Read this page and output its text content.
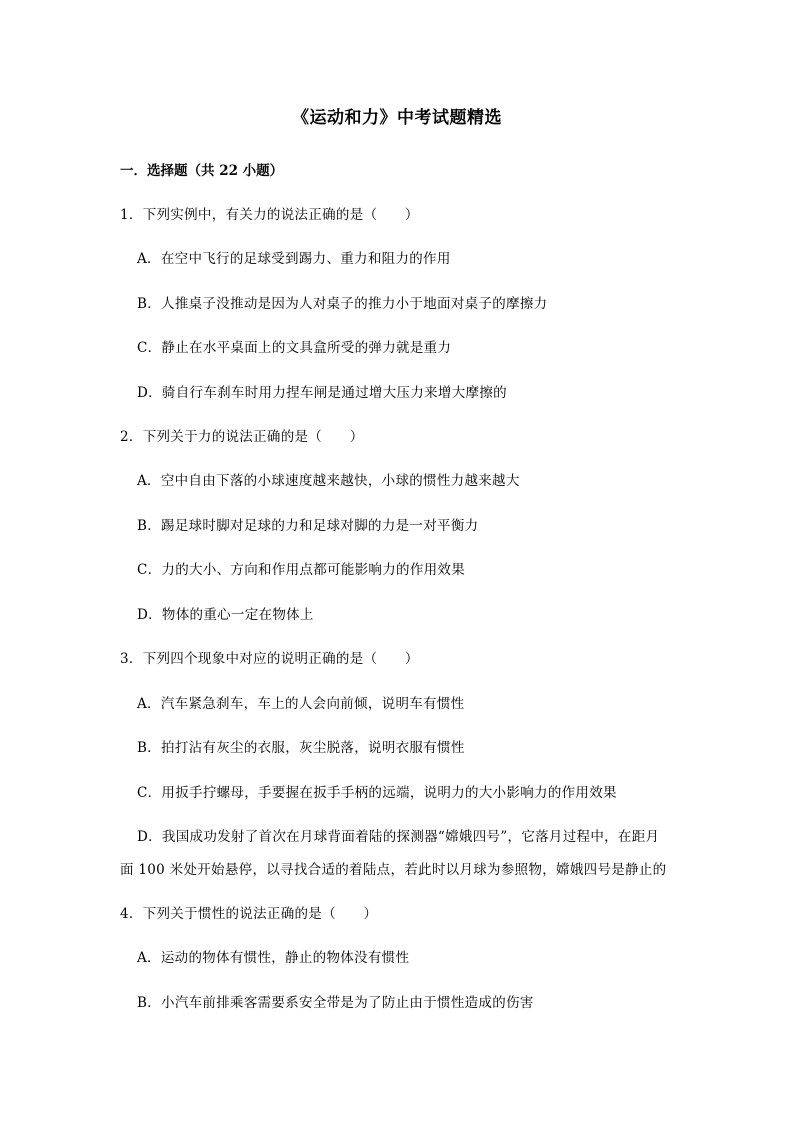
《运动和力》中考试题精选
一．选择题（共 22 小题）
1．下列实例中，有关力的说法正确的是（　　）
A．在空中飞行的足球受到踢力、重力和阻力的作用
B．人推桌子没推动是因为人对桌子的推力小于地面对桌子的摩擦力
C．静止在水平桌面上的文具盒所受的弹力就是重力
D．骑自行车刹车时用力捏车闸是通过增大压力来增大摩擦的
2．下列关于力的说法正确的是（　　）
A．空中自由下落的小球速度越来越快，小球的惯性力越来越大
B．踢足球时脚对足球的力和足球对脚的力是一对平衡力
C．力的大小、方向和作用点都可能影响力的作用效果
D．物体的重心一定在物体上
3．下列四个现象中对应的说明正确的是（　　）
A．汽车紧急刹车，车上的人会向前倾，说明车有惯性
B．拍打沾有灰尘的衣服，灰尘脱落，说明衣服有惯性
C．用扳手拧螺母，手要握在扳手手柄的远端，说明力的大小影响力的作用效果
D．我国成功发射了首次在月球背面着陆的探测器“嫦娥四号”，它落月过程中，在距月
面 100 米处开始悬停，以寻找合适的着陆点，若此时以月球为参照物，嫦娥四号是静止的
4．下列关于惯性的说法正确的是（　　）
A．运动的物体有惯性，静止的物体没有惯性
B．小汽车前排乘客需要系安全带是为了防止由于惯性造成的伤害
